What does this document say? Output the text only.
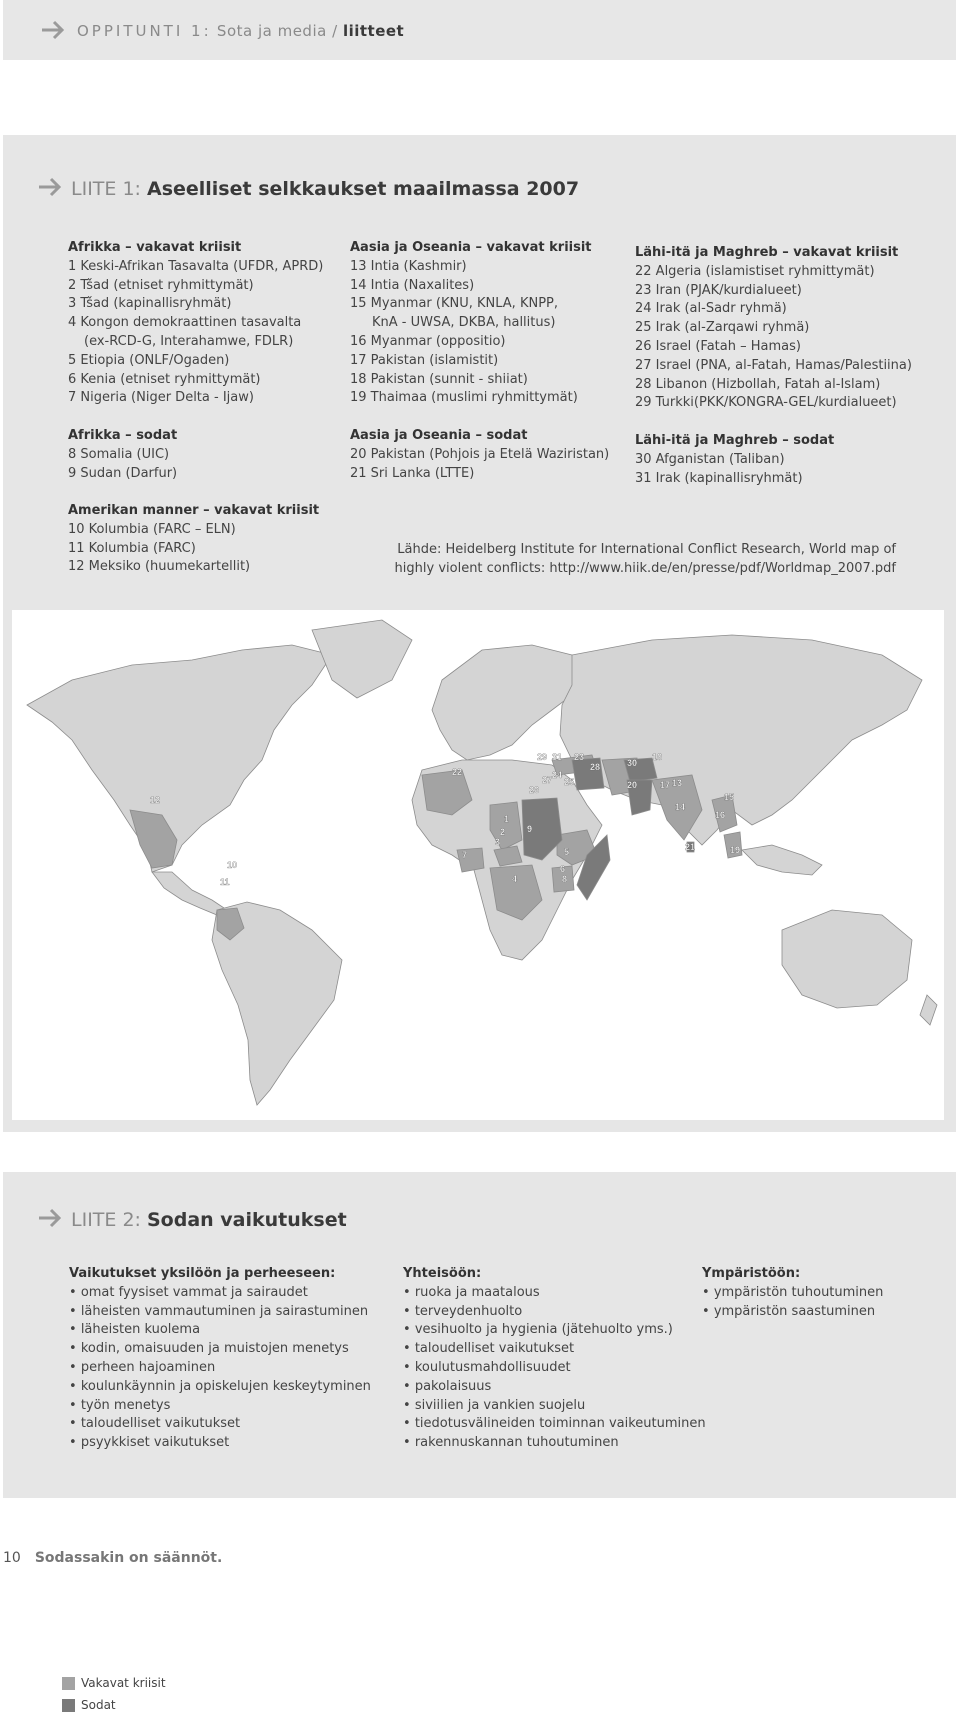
OPPITUNTI 1: Sota ja media / liitteet
LIITE 1: Aseelliset selkkaukset maailmassa 2007
Afrikka – vakavat kriisit
1 Keski-Afrikan Tasavalta (UFDR, APRD)
2 Tšad (etniset ryhmittymät)
3 Tšad (kapinallisryhmät)
4 Kongon demokraattinen tasavalta
(ex-RCD-G, Interahamwe, FDLR)
5 Etiopia (ONLF/Ogaden)
6 Kenia (etniset ryhmittymät)
7 Nigeria (Niger Delta - Ijaw)
Afrikka – sodat
8 Somalia (UIC)
9 Sudan (Darfur)
Amerikan manner – vakavat kriisit
10 Kolumbia (FARC – ELN)
11 Kolumbia (FARC)
12 Meksiko (huumekartellit)
Aasia ja Oseania – vakavat kriisit
13 Intia (Kashmir)
14 Intia (Naxalites)
15 Myanmar (KNU, KNLA, KNPP,
KnA - UWSA, DKBA, hallitus)
16 Myanmar (oppositio)
17 Pakistan (islamistit)
18 Pakistan (sunnit - shiiat)
19 Thaimaa (muslimi ryhmittymät)
Aasia ja Oseania – sodat
20 Pakistan (Pohjois ja Etelä Waziristan)
21 Sri Lanka (LTTE)
Lähi-itä ja Maghreb – vakavat kriisit
22 Algeria (islamistiset ryhmittymät)
23 Iran (PJAK/kurdialueet)
24 Irak (al-Sadr ryhmä)
25 Irak (al-Zarqawi ryhmä)
26 Israel (Fatah – Hamas)
27 Israel (PNA, al-Fatah, Hamas/Palestiina)
28 Libanon (Hizbollah, Fatah al-Islam)
29 Turkki(PKK/KONGRA-GEL/kurdialueet)
Lähi-itä ja Maghreb – sodat
30 Afganistan (Taliban)
31 Irak (kapinallisryhmät)
Lähde: Heidelberg Institute for International Conflict Research, World map of
highly violent conflicts: http://www.hiik.de/en/presse/pdf/Worldmap_2007.pdf
12
10
11
22
1
2
3
9
5
6
8
4
7
26
27 25
24
29 31 23
28	30
18
20	17 13
14
15
16
19
21
Vakavat kriisit
Sodat
LIITE 2: Sodan vaikutukset
Vaikutukset yksilöön ja perheeseen:
• omat fyysiset vammat ja sairaudet
• läheisten vammautuminen ja sairastuminen
• läheisten kuolema
• kodin, omaisuuden ja muistojen menetys
• perheen hajoaminen
• koulunkäynnin ja opiskelujen keskeytyminen
• työn menetys
• taloudelliset vaikutukset
• psyykkiset vaikutukset
Yhteisöön:
• ruoka ja maatalous
• terveydenhuolto
• vesihuolto ja hygienia (jätehuolto yms.)
• taloudelliset vaikutukset
• koulutusmahdollisuudet
• pakolaisuus
• siviilien ja vankien suojelu
• tiedotusvälineiden toiminnan vaikeutuminen
• rakennuskannan tuhoutuminen
Ympäristöön:
• ympäristön tuhoutuminen
• ympäristön saastuminen
10 Sodassakin on säännöt.
